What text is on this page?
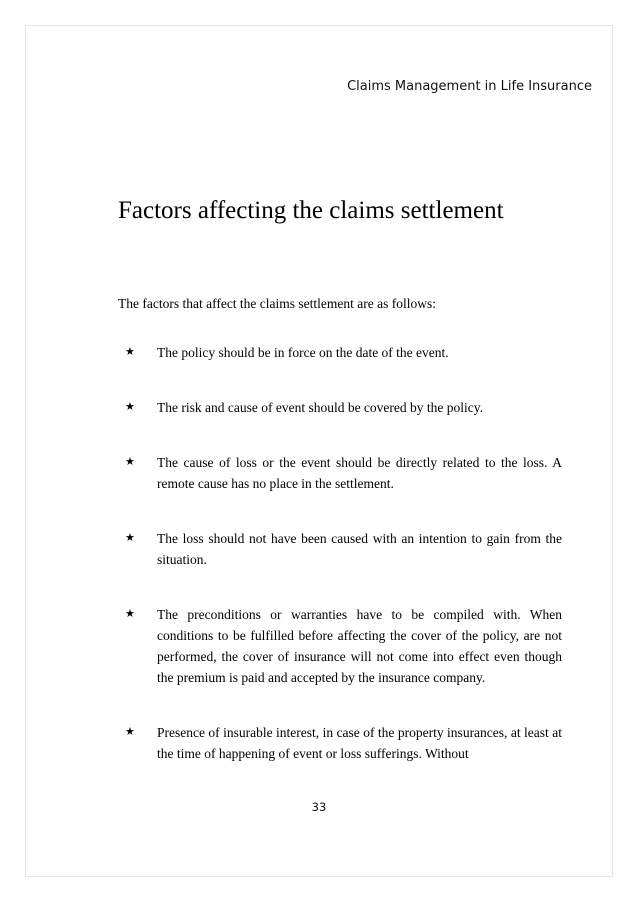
Claims Management in Life Insurance
Factors affecting the claims settlement

The factors that affect the claims settlement are as follows:

★	The policy should be in force on the date of the event.
★	The risk and cause of event should be covered by the policy.
★	The cause of loss or the event should be directly related to the loss. A remote cause has no place in the settlement.
★	The loss should not have been caused with an intention to gain from the situation.
★	The preconditions or warranties have to be compiled with. When conditions to be fulfilled before affecting the cover of the policy, are not performed, the cover of insurance will not come into effect even though the premium is paid and accepted by the insurance company.
★	Presence of insurable interest, in case of the property insurances, at least at the time of happening of event or loss sufferings. Without
33
